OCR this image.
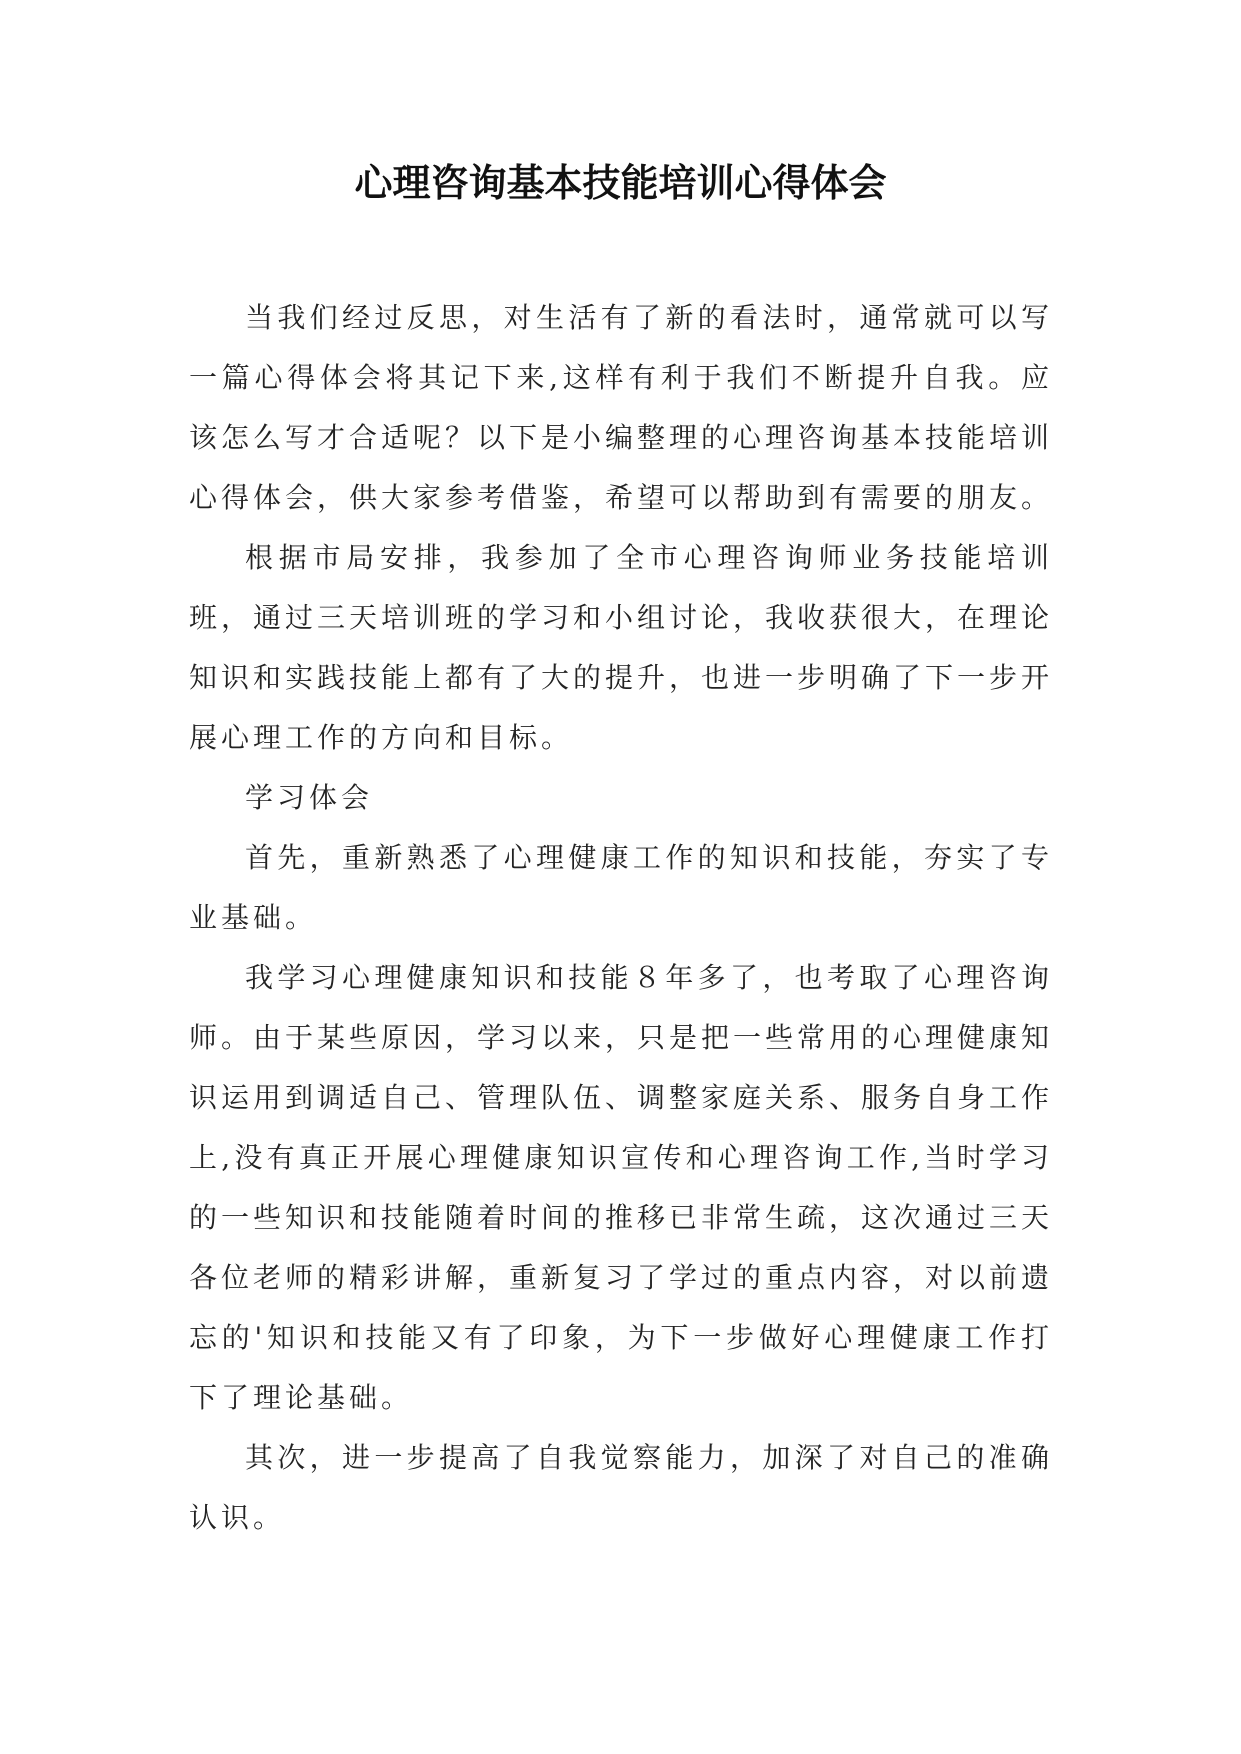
心理咨询基本技能培训心得体会

当我们经过反思，对生活有了新的看法时，通常就可以写一篇心得体会将其记下来,这样有利于我们不断提升自我。应该怎么写才合适呢？以下是小编整理的心理咨询基本技能培训心得体会，供大家参考借鉴，希望可以帮助到有需要的朋友。

根据市局安排，我参加了全市心理咨询师业务技能培训班，通过三天培训班的学习和小组讨论，我收获很大，在理论知识和实践技能上都有了大的提升，也进一步明确了下一步开展心理工作的方向和目标。

学习体会

首先，重新熟悉了心理健康工作的知识和技能，夯实了专业基础。

我学习心理健康知识和技能８年多了，也考取了心理咨询师。由于某些原因，学习以来，只是把一些常用的心理健康知识运用到调适自己、管理队伍、调整家庭关系、服务自身工作上,没有真正开展心理健康知识宣传和心理咨询工作,当时学习的一些知识和技能随着时间的推移已非常生疏，这次通过三天各位老师的精彩讲解，重新复习了学过的重点内容，对以前遗忘的'知识和技能又有了印象，为下一步做好心理健康工作打下了理论基础。

其次，进一步提高了自我觉察能力，加深了对自己的准确认识。
